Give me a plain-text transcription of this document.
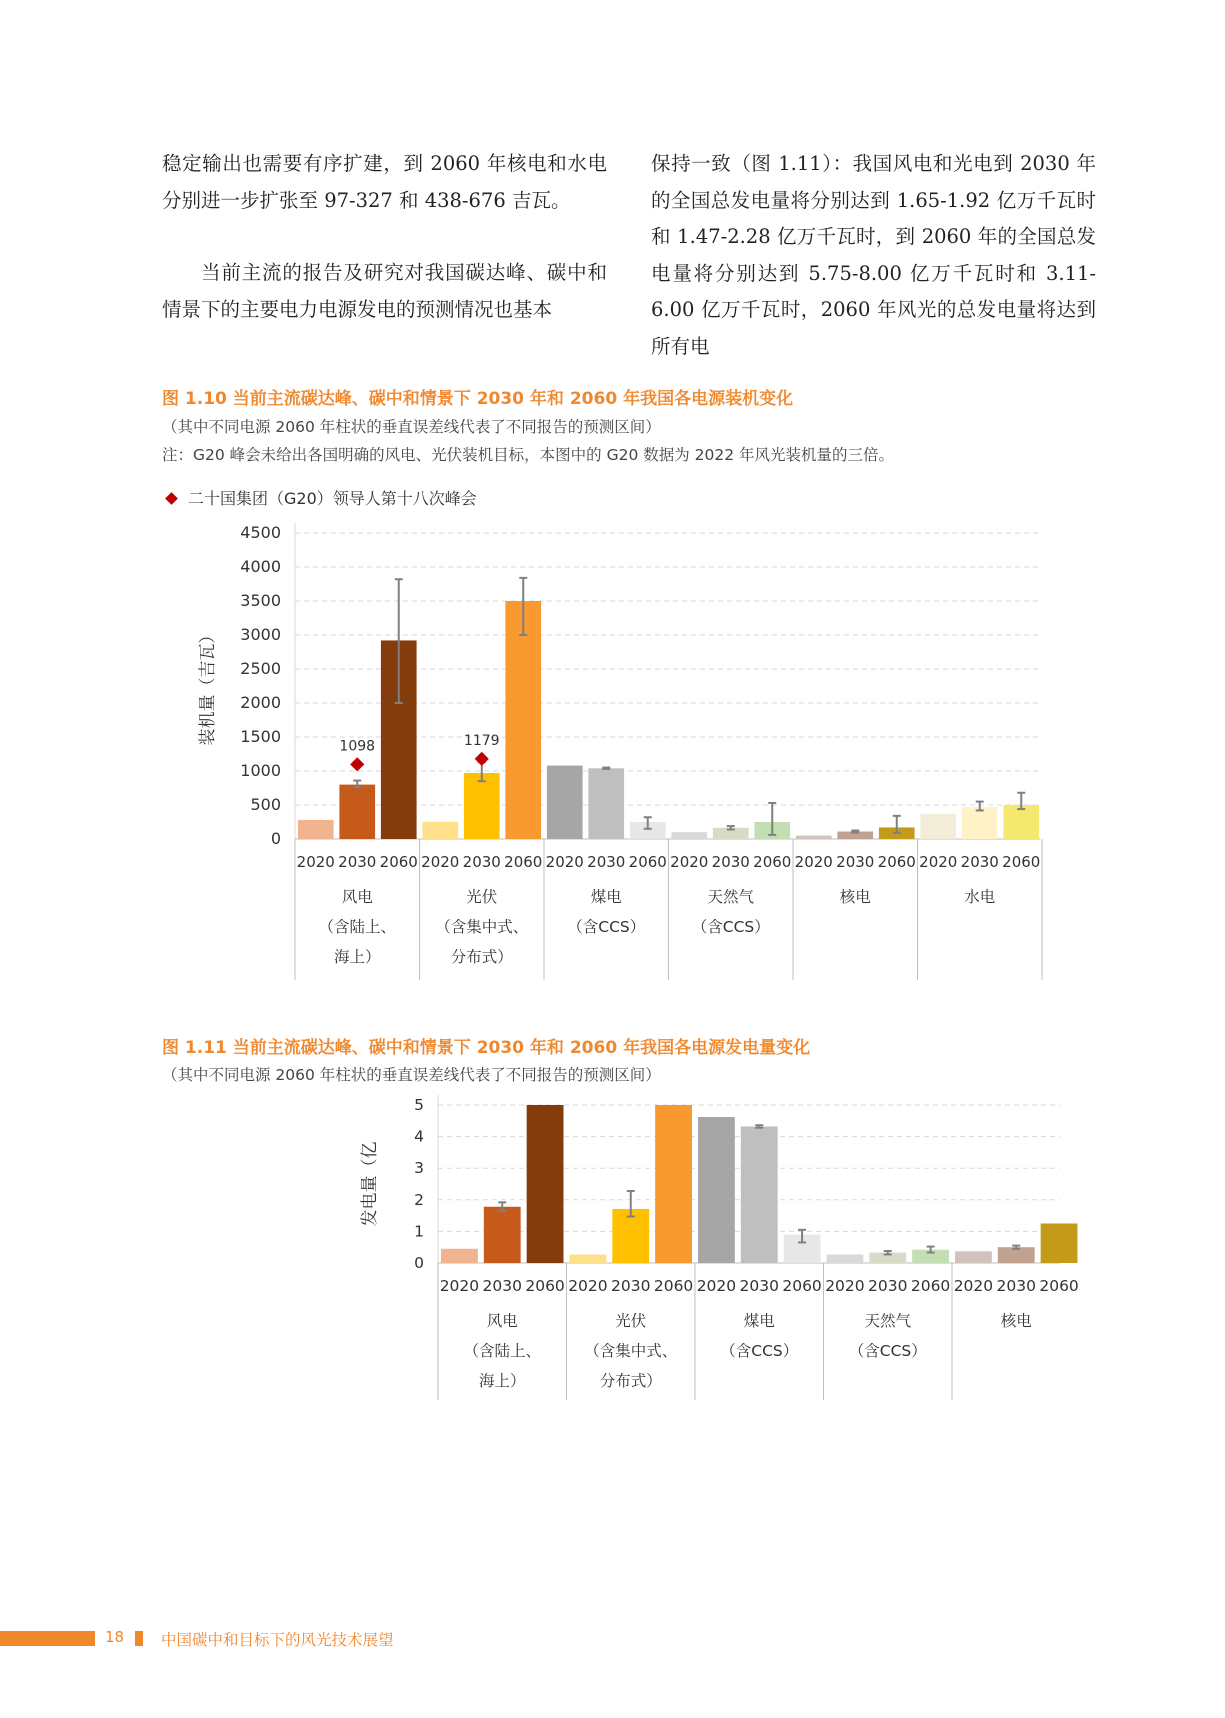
稳定输出也需要有序扩建，到 2060 年核电和水电分别进一步扩张至 97-327 和 438-676 吉瓦。

当前主流的报告及研究对我国碳达峰、碳中和情景下的主要电力电源发电的预测情况也基本

保持一致（图 1.11）：我国风电和光电到 2030 年的全国总发电量将分别达到 1.65-1.92 亿万千瓦时和 1.47-2.28 亿万千瓦时，到 2060 年的全国总发电量将分别达到 5.75-8.00 亿万千瓦时和 3.11-6.00 亿万千瓦时，2060 年风光的总发电量将达到所有电

图 1.10 当前主流碳达峰、碳中和情景下 2030 年和 2060 年我国各电源装机变化
（其中不同电源 2060 年柱状的垂直误差线代表了不同报告的预测区间）
注：G20 峰会未给出各国明确的风电、光伏装机目标，本图中的 G20 数据为 2022 年风光装机量的三倍。
二十国集团（G20）领导人第十八次峰会
0
500
1000
1500
2000
2500
3000
3500
4000
4500
装机量（吉瓦）
2020 2030
1098
2060
风电
（含陆上、
海上）
2020 2030
1179
2060
光伏
（含集中式、
分布式）
2020 2030 2060
煤电
（含CCS）
2020 2030 2060
天然气
（含CCS）
2020 2030 2060
核电
2020 2030 2060
水电
图 1.11 当前主流碳达峰、碳中和情景下 2030 年和 2060 年我国各电源发电量变化
（其中不同电源 2060 年柱状的垂直误差线代表了不同报告的预测区间）
0
1
2
3
4
5
发电量（亿
2020 2030 2060
风电
（含陆上、
海上）
2020 2030 2060
光伏
（含集中式、
分布式）
2020 2030 2060
煤电
（含CCS）
2020 2030 2060
天然气
（含CCS）
2020 2030 2060
核电
18 中国碳中和目标下的风光技术展望
